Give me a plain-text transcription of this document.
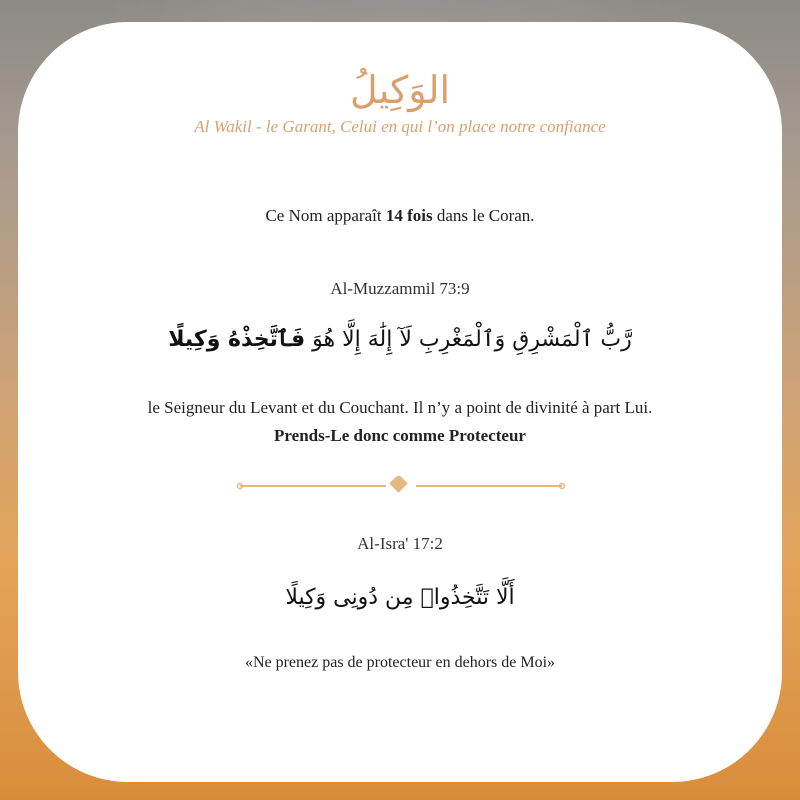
الوَكِيلُ
Al Wakil - le Garant, Celui en qui l’on place notre confiance
Ce Nom apparaît 14 fois dans le Coran.
Al-Muzzammil 73:9
رَّبُّ ٱلْمَشْرِقِ وَٱلْمَغْرِبِ لَآ إِلَٰهَ إِلَّا هُوَ فَٱتَّخِذْهُ وَكِيلًا
le Seigneur du Levant et du Couchant. Il n’y a point de divinité à part Lui.
Prends-Le donc comme Protecteur
Al-Isra' 17:2
أَلَّا تَتَّخِذُوا۟ مِن دُونِى وَكِيلًا
«Ne prenez pas de protecteur en dehors de Moi»
